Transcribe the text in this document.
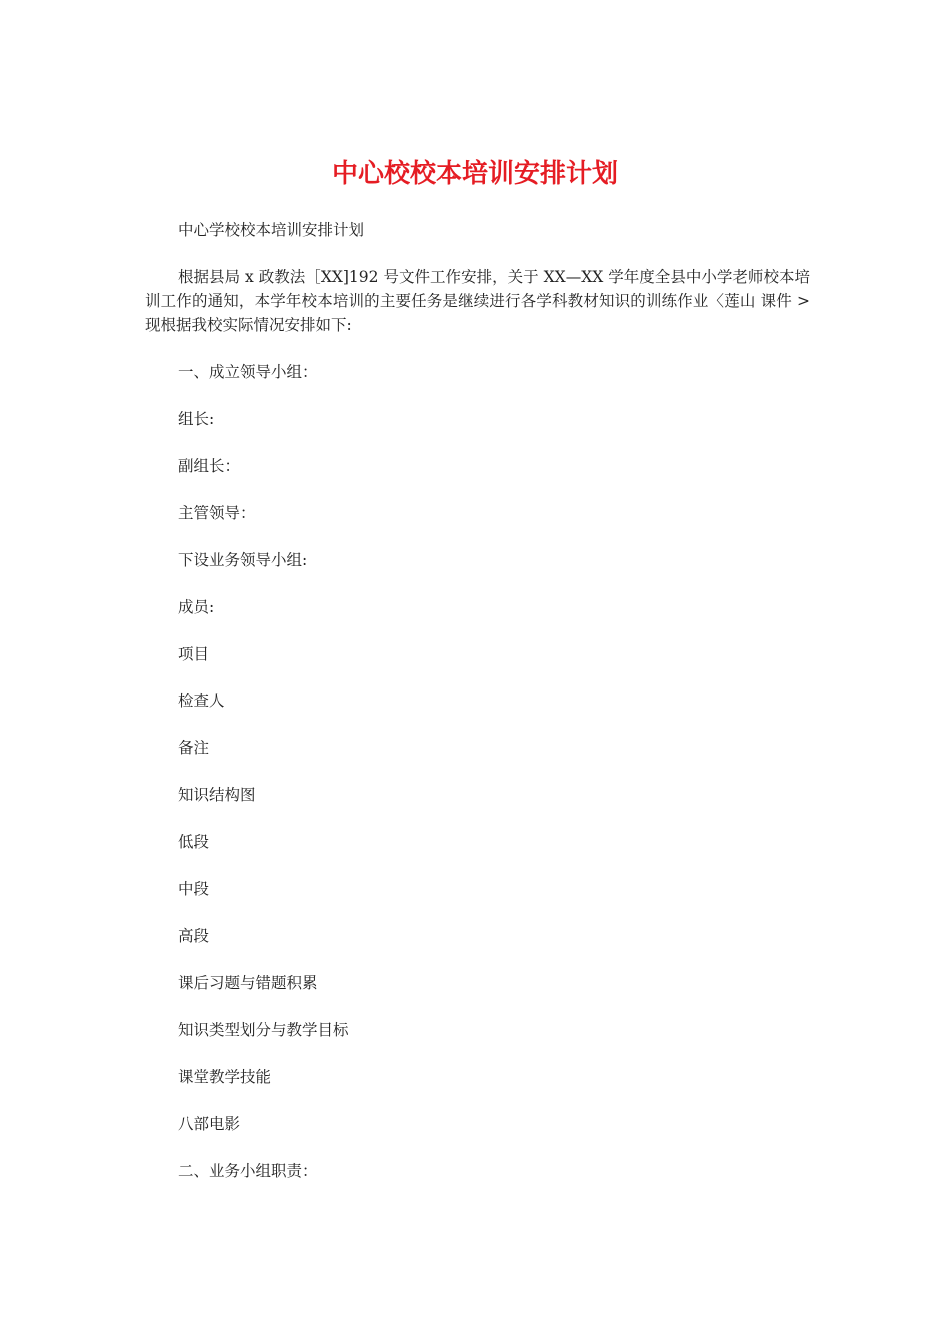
中心校校本培训安排计划

中心学校校本培训安排计划

根据县局 x 政教法［XX]192 号文件工作安排，关于 XX—XX 学年度全县中小学老师校本培训工作的通知，本学年校本培训的主要任务是继续进行各学科教材知识的训练作业〈莲山 课件 >现根据我校实际情况安排如下:

一、成立领导小组：

组长:

副组长：

主管领导：

下设业务领导小组:

成员:

项目

检查人

备注

知识结构图

低段

中段

高段

课后习题与错题积累

知识类型划分与教学目标

课堂教学技能

八部电影

二、业务小组职责：
